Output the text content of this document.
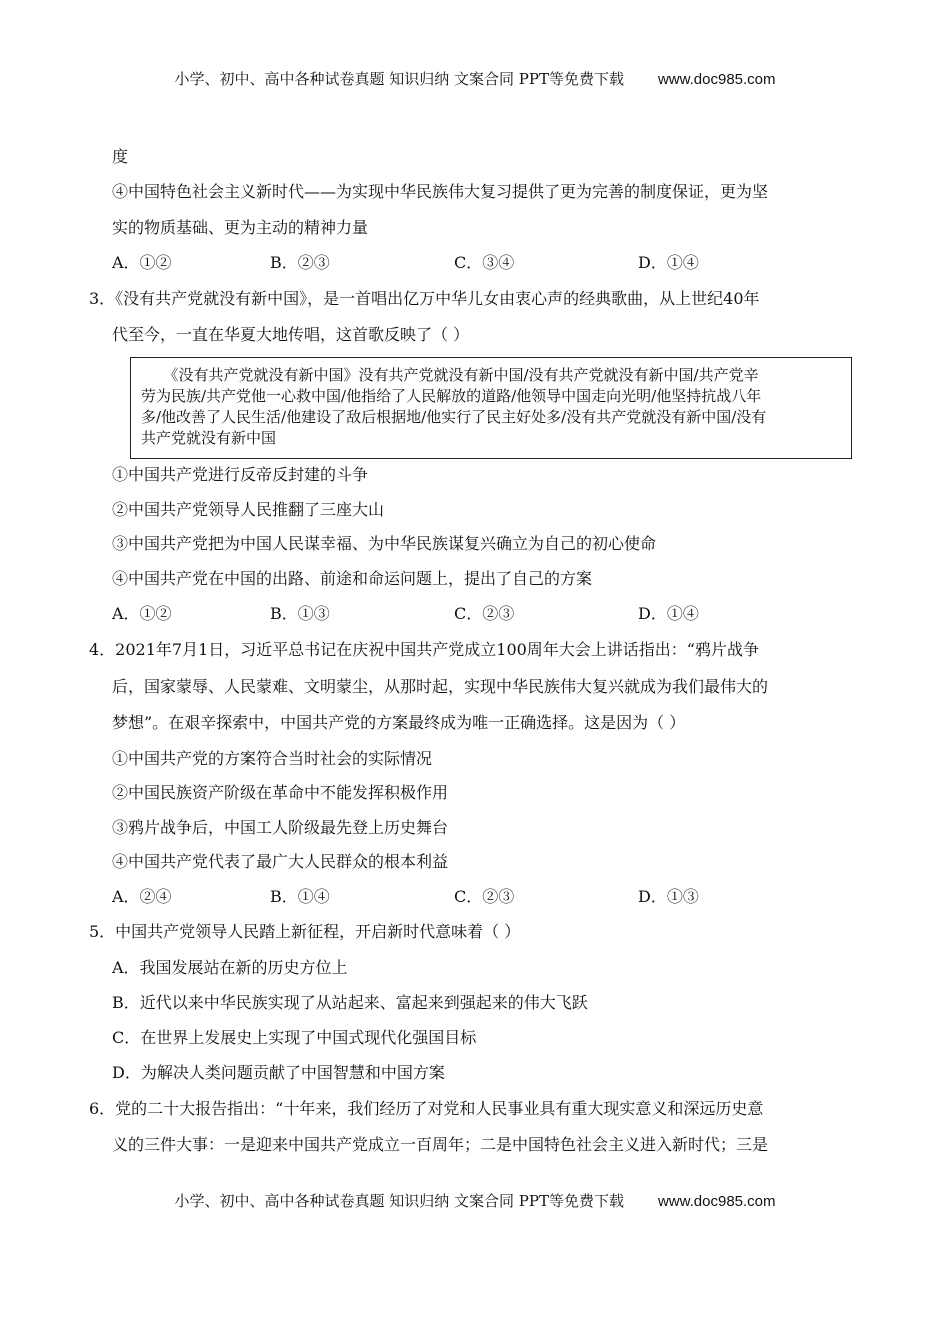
小学、初中、高中各种试卷真题 知识归纳 文案合同 PPT等免费下载 www.doc985.com
度
④中国特色社会主义新时代——为实现中华民族伟大复习提供了更为完善的制度保证，更为坚
实的物质基础、更为主动的精神力量
A．①②	B．②③	C．③④	D．①④
3．《没有共产党就没有新中国》，是一首唱出亿万中华儿女由衷心声的经典歌曲，从上世纪40年
代至今，一直在华夏大地传唱，这首歌反映了（ ）
　　《没有共产党就没有新中国》没有共产党就没有新中国/没有共产党就没有新中国/共产党辛
劳为民族/共产党他一心救中国/他指给了人民解放的道路/他领导中国走向光明/他坚持抗战八年
多/他改善了人民生活/他建设了敌后根据地/他实行了民主好处多/没有共产党就没有新中国/没有
共产党就没有新中国
①中国共产党进行反帝反封建的斗争
②中国共产党领导人民推翻了三座大山
③中国共产党把为中国人民谋幸福、为中华民族谋复兴确立为自己的初心使命
④中国共产党在中国的出路、前途和命运问题上，提出了自己的方案
A．①②	B．①③	C．②③	D．①④
4．2021年7月1日，习近平总书记在庆祝中国共产党成立100周年大会上讲话指出：“鸦片战争
后，国家蒙辱、人民蒙难、文明蒙尘，从那时起，实现中华民族伟大复兴就成为我们最伟大的
梦想”。在艰辛探索中，中国共产党的方案最终成为唯一正确选择。这是因为（ ）
①中国共产党的方案符合当时社会的实际情况
②中国民族资产阶级在革命中不能发挥积极作用
③鸦片战争后，中国工人阶级最先登上历史舞台
④中国共产党代表了最广大人民群众的根本利益
A．②④	B．①④	C．②③	D．①③
5．中国共产党领导人民踏上新征程，开启新时代意味着（ ）
A．我国发展站在新的历史方位上
B．近代以来中华民族实现了从站起来、富起来到强起来的伟大飞跃
C．在世界上发展史上实现了中国式现代化强国目标
D．为解决人类问题贡献了中国智慧和中国方案
6．党的二十大报告指出：“十年来，我们经历了对党和人民事业具有重大现实意义和深远历史意
义的三件大事：一是迎来中国共产党成立一百周年；二是中国特色社会主义进入新时代；三是
小学、初中、高中各种试卷真题 知识归纳 文案合同 PPT等免费下载 www.doc985.com
